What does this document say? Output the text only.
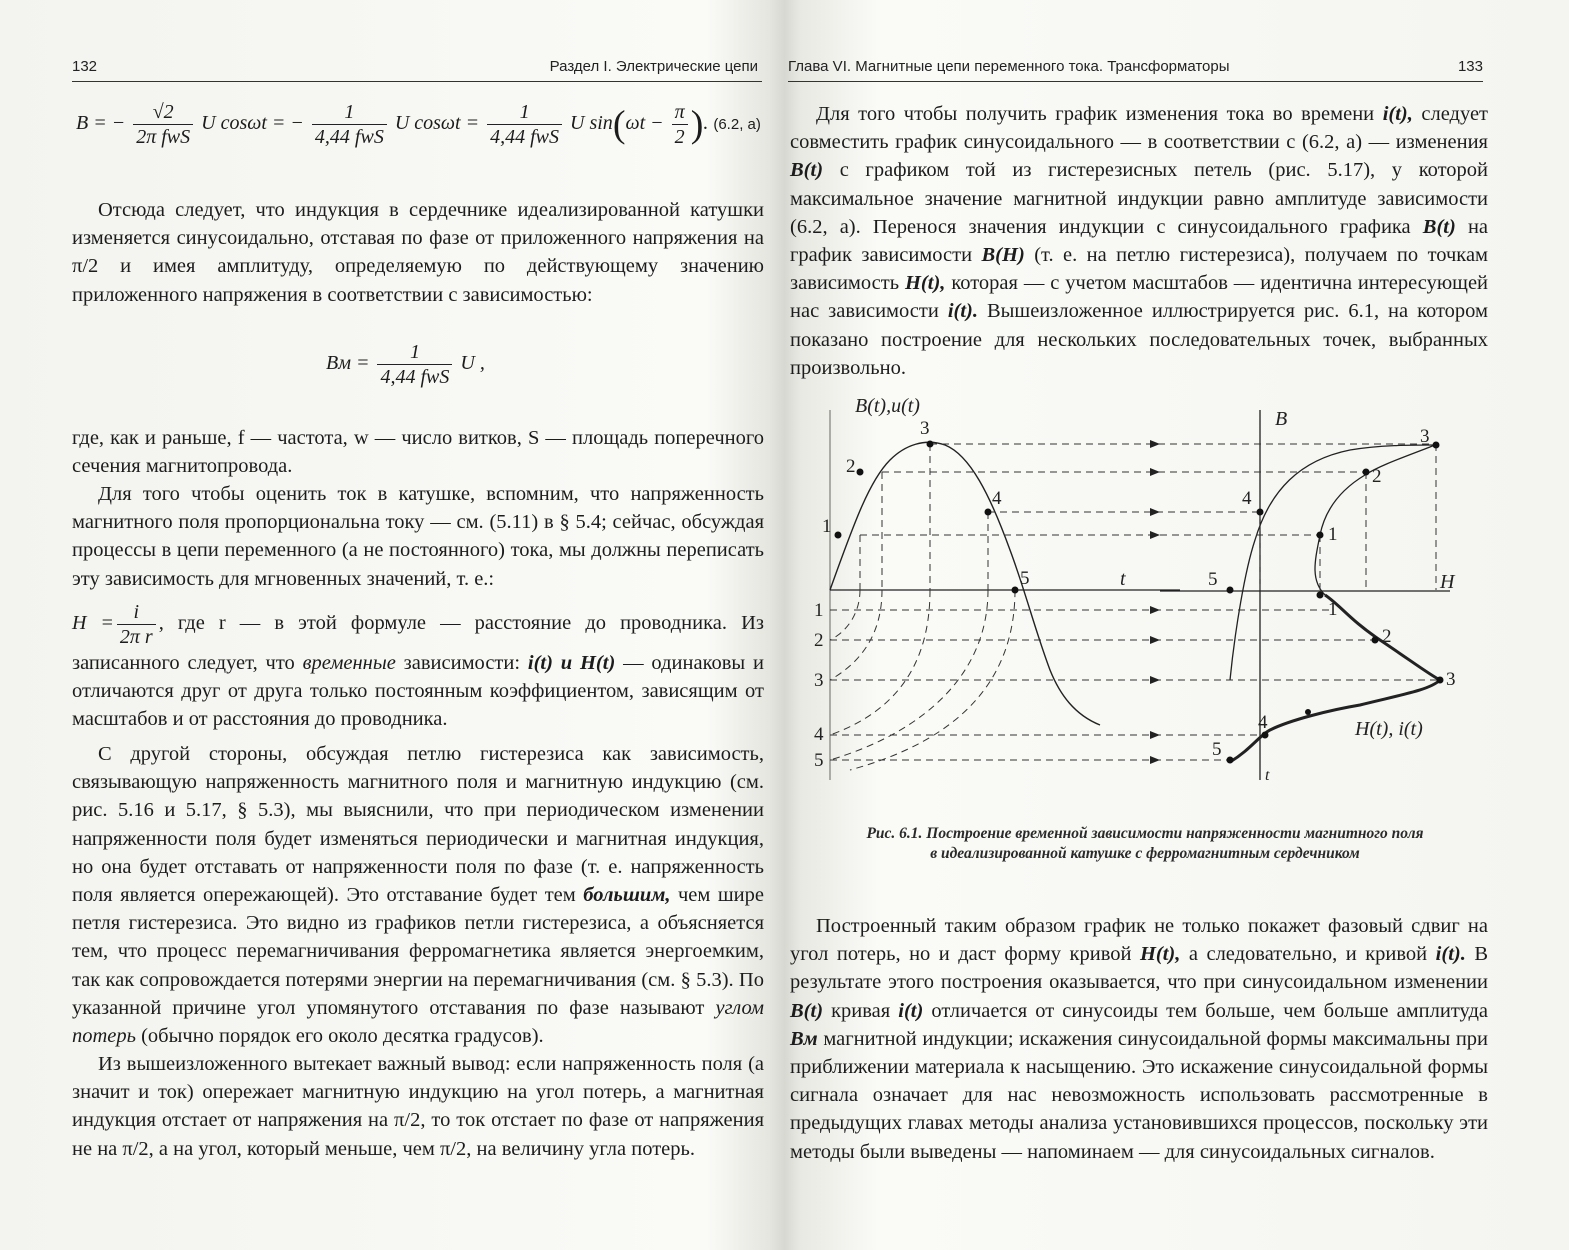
132	Раздел I. Электрические цепи
B = − $\frac{√2}{\text{2π fwS}}$ U cosωt = − $\frac{1}{\text{4,44 fwS}}$ U $\cos\omega t = \frac{1}{\text{4,44 fwS}}$ U $\sin(\omega t - \frac{\pi}{2}$ ). (6.2, а)

Отсюда следует, что индукция в сердечнике идеализированной катушки изменяется синусоидально, отставая по фазе от приложенного напряжения на π/2 и имея амплитуду, определяемую по действующему значению приложенного напряжения в соответствии с зависимостью:

Bм = $\frac{1}{\text{4,44 fwS}}$ U ,

где, как и раньше, f — частота, w — число витков, S — площадь поперечного сечения магнитопровода.

Для того чтобы оценить ток в катушке, вспомним, что напряженность магнитного поля пропорциональна току — см. (5.11) в § 5.4; сейчас, обсуждая процессы в цепи переменного (а не постоянного) тока, мы должны переписать эту зависимость для мгновенных значений, т. е.:

$H = \frac{i}{\text{2π r}}$ , где r — в этой формуле — расстояние до проводника. Из записанного следует, что временные зависимости: i(t) и H(t) — одинаковы и отличаются друг от друга только постоянным коэффициентом, зависящим от масштабов и от расстояния до проводника.

С другой стороны, обсуждая петлю гистерезиса как зависимость, связывающую напряженность магнитного поля и магнитную индукцию (см. рис. 5.16 и 5.17, § 5.3), мы выяснили, что при периодическом изменении напряженности поля будет изменяться периодически и магнитная индукция, но она будет отставать от напряженности поля по фазе (т. е. напряженность поля является опережающей). Это отставание будет тем большим, чем шире петля гистерезиса. Это видно из графиков петли гистерезиса, а объясняется тем, что процесс перемагничивания ферромагнетика является энергоемким, так как сопровождается потерями энергии на перемагничивания (см. § 5.3). По указанной причине угол упомянутого отставания по фазе называют углом потерь (обычно порядок его около десятка градусов).

Из вышеизложенного вытекает важный вывод: если напряженность поля (а значит и ток) опережает магнитную индукцию на угол потерь, а магнитная индукция отстает от напряжения на π/2, то ток отстает по фазе от напряжения не на π/2, а на угол, который меньше, чем π/2, на величину угла потерь.

Глава VI. Магнитные цепи переменного тока. Трансформаторы	133

Для того чтобы получить график изменения тока во времени i(t), следует совместить график синусоидального — в соответствии с (6.2, а) — изменения B(t) с графиком той из гистерезисных петель (рис. 5.17), у которой максимальное значение магнитной индукции равно амплитуде зависимости (6.2, а). Перенося значения индукции с синусоидального графика B(t) на график зависимости B(H) (т. е. на петлю гистерезиса), получаем по точкам зависимость H(t), которая — с учетом масштабов — идентична интересующей нас зависимости i(t). Вышеизложенное иллюстрируется рис. 6.1, на котором показано построение для нескольких последовательных точек, выбранных произвольно.

B(t),u(t)
B
t	H
H(t), i(t)
t
1
2
3
4
5
3
2
1
4
5
1
2
3
4
5
1
2
3
4
5
Рис. 6.1. Построение временной зависимости напряженности магнитного поля
в идеализированной катушке с ферромагнитным сердечником

Построенный таким образом график не только покажет фазовый сдвиг на угол потерь, но и даст форму кривой H(t), а следовательно, и кривой i(t). В результате этого построения оказывается, что при синусоидальном изменении B(t) кривая i(t) отличается от синусоиды тем больше, чем больше амплитуда Bм магнитной индукции; искажения синусоидальной формы максимальны при приближении материала к насыщению. Это искажение синусоидальной формы сигнала означает для нас невозможность использовать рассмотренные в предыдущих главах методы анализа установившихся процессов, поскольку эти методы были выведены — напоминаем — для синусоидальных сигналов.
